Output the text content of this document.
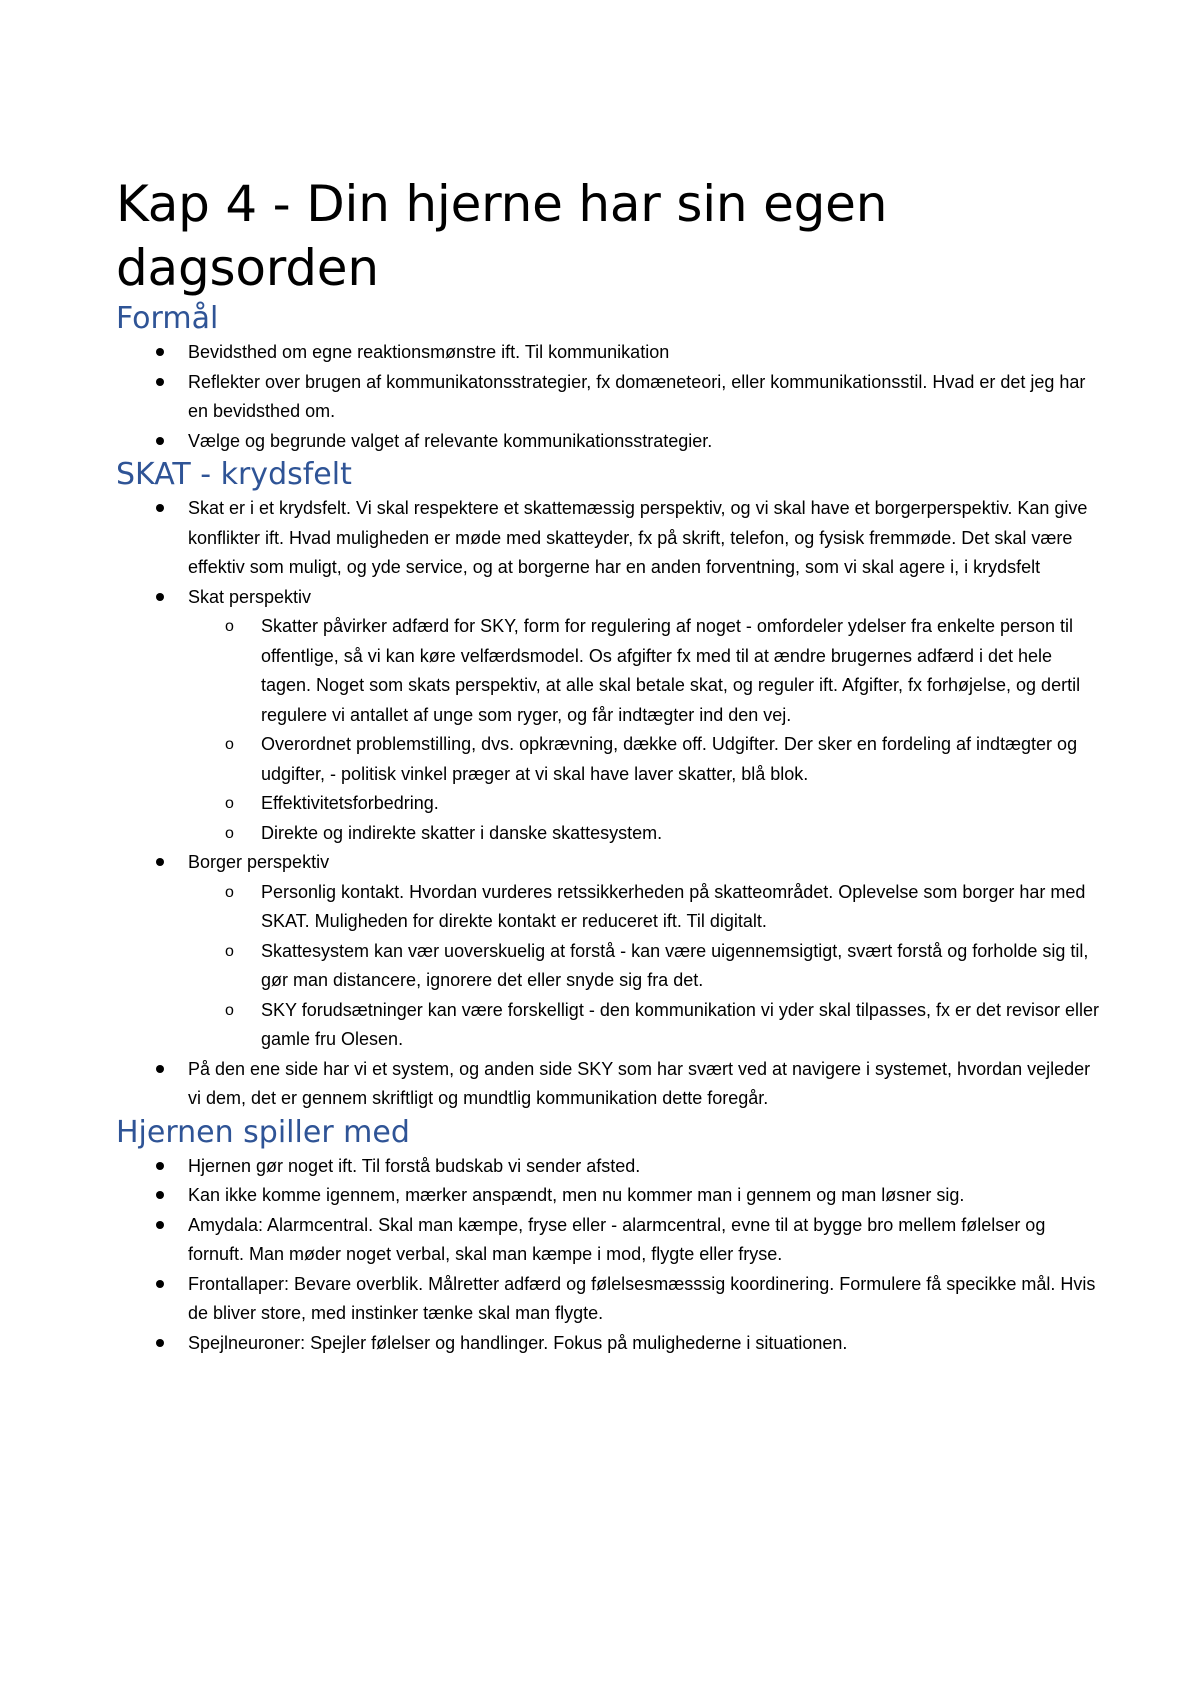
Kap 4 - Din hjerne har sin egen dagsorden
Formål
Bevidsthed om egne reaktionsmønstre ift. Til kommunikation
Reflekter over brugen af kommunikatonsstrategier, fx domæneteori, eller kommunikationsstil. Hvad er det jeg har en bevidsthed om.
Vælge og begrunde valget af relevante kommunikationsstrategier.
SKAT - krydsfelt
Skat er i et krydsfelt. Vi skal respektere et skattemæssig perspektiv, og vi skal have et borgerperspektiv. Kan give konflikter ift. Hvad muligheden er møde med skatteyder, fx på skrift, telefon, og fysisk fremmøde. Det skal være effektiv som muligt, og yde service, og at borgerne har en anden forventning, som vi skal agere i, i krydsfelt
Skat perspektiv
o Skatter påvirker adfærd for SKY, form for regulering af noget - omfordeler ydelser fra enkelte person til offentlige, så vi kan køre velfærdsmodel. Os afgifter fx med til at ændre brugernes adfærd i det hele tagen. Noget som skats perspektiv, at alle skal betale skat, og reguler ift. Afgifter, fx forhøjelse, og dertil regulere vi antallet af unge som ryger, og får indtægter ind den vej.
o Overordnet problemstilling, dvs. opkrævning, dække off. Udgifter. Der sker en fordeling af indtægter og udgifter, - politisk vinkel præger at vi skal have laver skatter, blå blok.
o Effektivitetsforbedring.
o Direkte og indirekte skatter i danske skattesystem.
Borger perspektiv
o Personlig kontakt. Hvordan vurderes retssikkerheden på skatteområdet. Oplevelse som borger har med SKAT. Muligheden for direkte kontakt er reduceret ift. Til digitalt.
o Skattesystem kan vær uoverskuelig at forstå - kan være uigennemsigtigt, svært forstå og forholde sig til, gør man distancere, ignorere det eller snyde sig fra det.
o SKY forudsætninger kan være forskelligt - den kommunikation vi yder skal tilpasses, fx er det revisor eller gamle fru Olesen.
På den ene side har vi et system, og anden side SKY som har svært ved at navigere i systemet, hvordan vejleder vi dem, det er gennem skriftligt og mundtlig kommunikation dette foregår.
Hjernen spiller med
Hjernen gør noget ift. Til forstå budskab vi sender afsted.
Kan ikke komme igennem, mærker anspændt, men nu kommer man i gennem og man løsner sig.
Amydala: Alarmcentral. Skal man kæmpe, fryse eller - alarmcentral, evne til at bygge bro mellem følelser og fornuft. Man møder noget verbal, skal man kæmpe i mod, flygte eller fryse.
Frontallaper: Bevare overblik. Målretter adfærd og følelsesmæsssig koordinering. Formulere få specikke mål. Hvis de bliver store, med instinker tænke skal man flygte.
Spejlneuroner: Spejler følelser og handlinger. Fokus på mulighederne i situationen.
